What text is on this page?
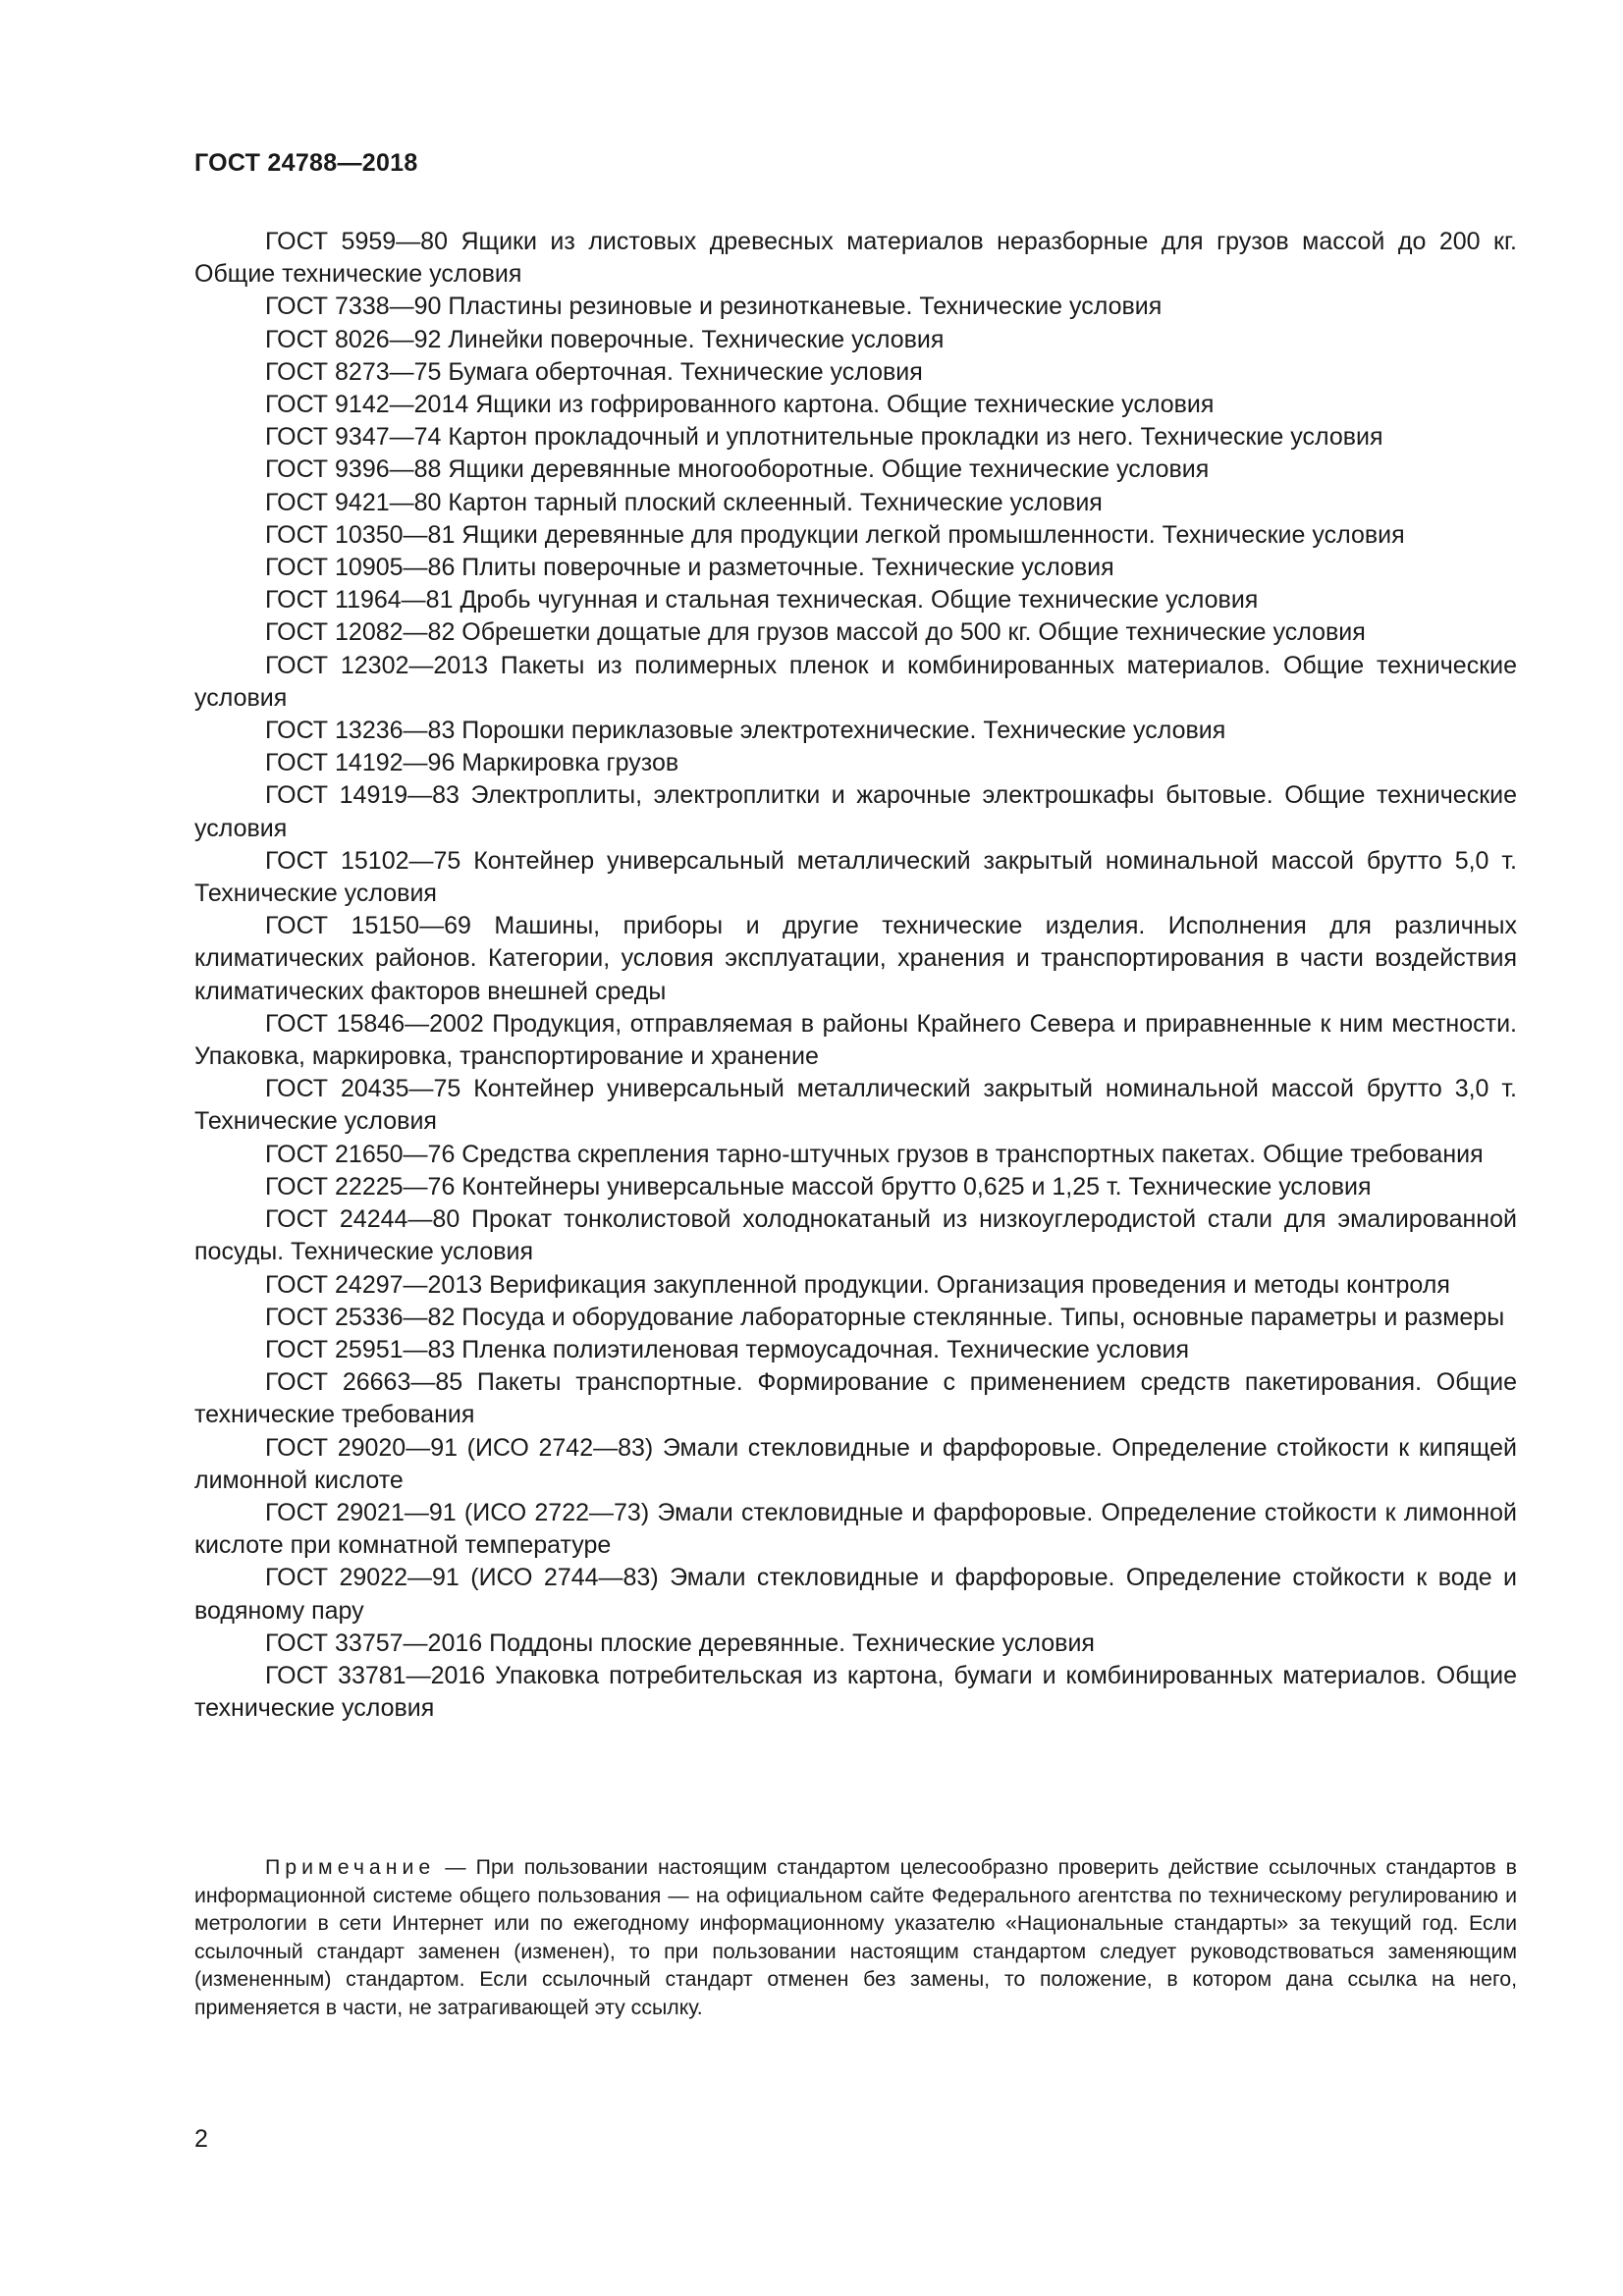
ГОСТ 24788—2018

ГОСТ 5959—80 Ящики из листовых древесных материалов неразборные для грузов массой до 200 кг. Общие технические условия

ГОСТ 7338—90 Пластины резиновые и резинотканевые. Технические условия

ГОСТ 8026—92 Линейки поверочные. Технические условия

ГОСТ 8273—75 Бумага оберточная. Технические условия

ГОСТ 9142—2014 Ящики из гофрированного картона. Общие технические условия

ГОСТ 9347—74 Картон прокладочный и уплотнительные прокладки из него. Технические условия

ГОСТ 9396—88 Ящики деревянные многооборотные. Общие технические условия

ГОСТ 9421—80 Картон тарный плоский склеенный. Технические условия

ГОСТ 10350—81 Ящики деревянные для продукции легкой промышленности. Технические условия

ГОСТ 10905—86 Плиты поверочные и разметочные. Технические условия

ГОСТ 11964—81 Дробь чугунная и стальная техническая. Общие технические условия

ГОСТ 12082—82 Обрешетки дощатые для грузов массой до 500 кг. Общие технические условия

ГОСТ 12302—2013 Пакеты из полимерных пленок и комбинированных материалов. Общие технические условия

ГОСТ 13236—83 Порошки периклазовые электротехнические. Технические условия

ГОСТ 14192—96 Маркировка грузов

ГОСТ 14919—83 Электроплиты, электроплитки и жарочные электрошкафы бытовые. Общие технические условия

ГОСТ 15102—75 Контейнер универсальный металлический закрытый номинальной массой брутто 5,0 т. Технические условия

ГОСТ 15150—69 Машины, приборы и другие технические изделия. Исполнения для различных климатических районов. Категории, условия эксплуатации, хранения и транспортирования в части воздействия климатических факторов внешней среды

ГОСТ 15846—2002 Продукция, отправляемая в районы Крайнего Севера и приравненные к ним местности. Упаковка, маркировка, транспортирование и хранение

ГОСТ 20435—75 Контейнер универсальный металлический закрытый номинальной массой брутто 3,0 т. Технические условия

ГОСТ 21650—76 Средства скрепления тарно-штучных грузов в транспортных пакетах. Общие требования

ГОСТ 22225—76 Контейнеры универсальные массой брутто 0,625 и 1,25 т. Технические условия

ГОСТ 24244—80 Прокат тонколистовой холоднокатаный из низкоуглеродистой стали для эмалированной посуды. Технические условия

ГОСТ 24297—2013 Верификация закупленной продукции. Организация проведения и методы контроля

ГОСТ 25336—82 Посуда и оборудование лабораторные стеклянные. Типы, основные параметры и размеры

ГОСТ 25951—83 Пленка полиэтиленовая термоусадочная. Технические условия

ГОСТ 26663—85 Пакеты транспортные. Формирование с применением средств пакетирования. Общие технические требования

ГОСТ 29020—91 (ИСО 2742—83) Эмали стекловидные и фарфоровые. Определение стойкости к кипящей лимонной кислоте

ГОСТ 29021—91 (ИСО 2722—73) Эмали стекловидные и фарфоровые. Определение стойкости к лимонной кислоте при комнатной температуре

ГОСТ 29022—91 (ИСО 2744—83) Эмали стекловидные и фарфоровые. Определение стойкости к воде и водяному пару

ГОСТ 33757—2016 Поддоны плоские деревянные. Технические условия

ГОСТ 33781—2016 Упаковка потребительская из картона, бумаги и комбинированных материалов. Общие технические условия

Примечание — При пользовании настоящим стандартом целесообразно проверить действие ссылочных стандартов в информационной системе общего пользования — на официальном сайте Федерального агентства по техническому регулированию и метрологии в сети Интернет или по ежегодному информационному указателю «Национальные стандарты» за текущий год. Если ссылочный стандарт заменен (изменен), то при пользовании настоящим стандартом следует руководствоваться заменяющим (измененным) стандартом. Если ссылочный стандарт отменен без замены, то положение, в котором дана ссылка на него, применяется в части, не затрагивающей эту ссылку.
2
